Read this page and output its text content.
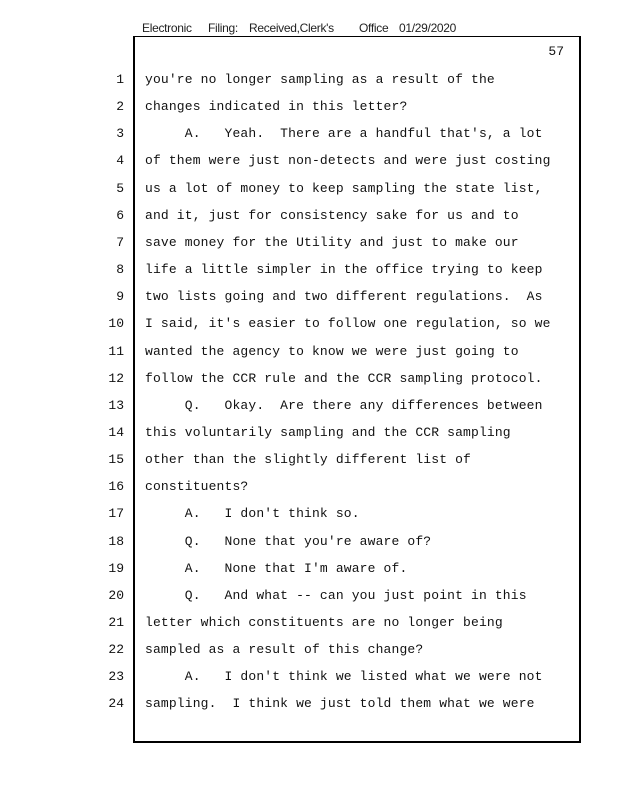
Electronic Filing: Received,Clerk's Office 01/29/2020
57
1 you're no longer sampling as a result of the
2 changes indicated in this letter?
3 A.   Yeah.  There are a handful that's, a lot
4 of them were just non-detects and were just costing
5 us a lot of money to keep sampling the state list,
6 and it, just for consistency sake for us and to
7 save money for the Utility and just to make our
8 life a little simpler in the office trying to keep
9 two lists going and two different regulations.  As
10 I said, it's easier to follow one regulation, so we
11 wanted the agency to know we were just going to
12 follow the CCR rule and the CCR sampling protocol.
13 Q.   Okay.  Are there any differences between
14 this voluntarily sampling and the CCR sampling
15 other than the slightly different list of
16 constituents?
17 A.   I don't think so.
18 Q.   None that you're aware of?
19 A.   None that I'm aware of.
20 Q.   And what -- can you just point in this
21 letter which constituents are no longer being
22 sampled as a result of this change?
23 A.   I don't think we listed what we were not
24 sampling.  I think we just told them what we were
